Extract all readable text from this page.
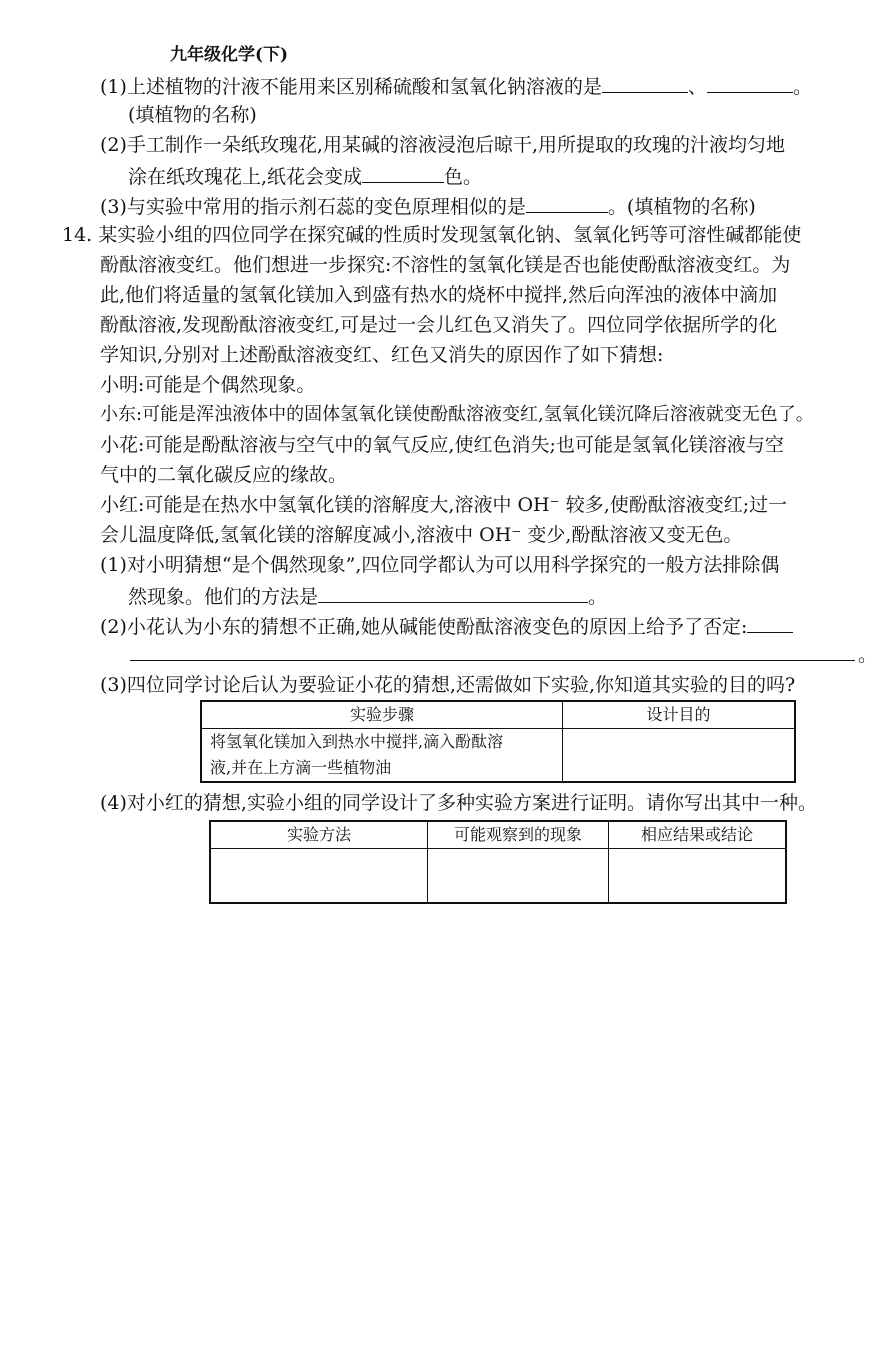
九年级化学(下)
(1)上述植物的汁液不能用来区别稀硫酸和氢氧化钠溶液的是	、	。
(填植物的名称)
(2)手工制作一朵纸玫瑰花,用某碱的溶液浸泡后晾干,用所提取的玫瑰的汁液均匀地
涂在纸玫瑰花上,纸花会变成	色。
(3)与实验中常用的指示剂石蕊的变色原理相似的是	。(填植物的名称)
14. 某实验小组的四位同学在探究碱的性质时发现氢氧化钠、氢氧化钙等可溶性碱都能使
酚酞溶液变红。他们想进一步探究:不溶性的氢氧化镁是否也能使酚酞溶液变红。为
此,他们将适量的氢氧化镁加入到盛有热水的烧杯中搅拌,然后向浑浊的液体中滴加
酚酞溶液,发现酚酞溶液变红,可是过一会儿红色又消失了。四位同学依据所学的化
学知识,分别对上述酚酞溶液变红、红色又消失的原因作了如下猜想:
小明:可能是个偶然现象。
小东:可能是浑浊液体中的固体氢氧化镁使酚酞溶液变红,氢氧化镁沉降后溶液就变无色了。
小花:可能是酚酞溶液与空气中的氧气反应,使红色消失;也可能是氢氧化镁溶液与空
气中的二氧化碳反应的缘故。
小红:可能是在热水中氢氧化镁的溶解度大,溶液中 OH⁻ 较多,使酚酞溶液变红;过一
会儿温度降低,氢氧化镁的溶解度减小,溶液中 OH⁻ 变少,酚酞溶液又变无色。
(1)对小明猜想“是个偶然现象”,四位同学都认为可以用科学探究的一般方法排除偶
然现象。他们的方法是	。
(2)小花认为小东的猜想不正确,她从碱能使酚酞溶液变色的原因上给予了否定:
。
(3)四位同学讨论后认为要验证小花的猜想,还需做如下实验,你知道其实验的目的吗?
实验步骤	设计目的

将氢氧化镁加入到热水中搅拌,滴入酚酞溶
液,并在上方滴一些植物油	

(4)对小红的猜想,实验小组的同学设计了多种实验方案进行证明。请你写出其中一种。
实验方法	可能观察到的现象	相应结果或结论
